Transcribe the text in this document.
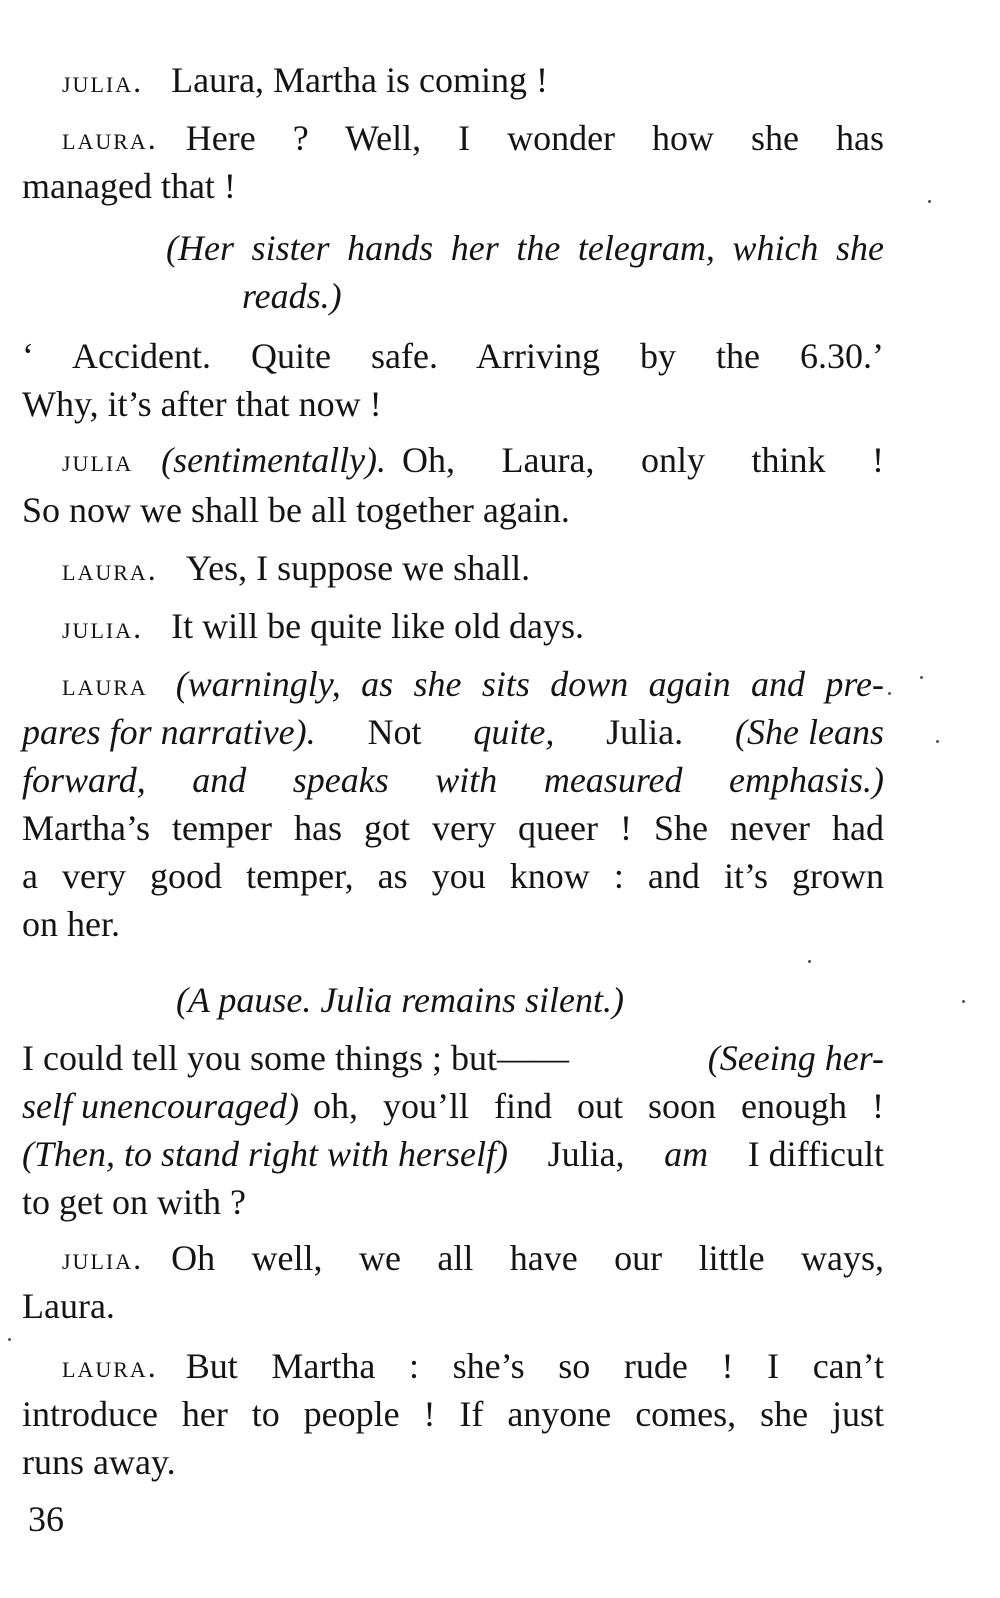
julia. Laura, Martha is coming !

laura. Here ? Well, I wonder how she has

managed that !

(Her sister hands her the telegram, which she

reads.)

‘ Accident. Quite safe. Arriving by the 6.30.’

Why, it’s after that now !

julia (sentimentally). Oh, Laura, only think !

So now we shall be all together again.

laura. Yes, I suppose we shall.

julia. It will be quite like old days.

laura (warningly, as she sits down again and pre-

pares for narrative). Not quite, Julia. (She leans

forward, and speaks with measured emphasis.)

Martha’s temper has got very queer ! She never had

a very good temper, as you know : and it’s grown

on her.

(A pause. Julia remains silent.)

I could tell you some things ; but——	(Seeing her-

self unencouraged) oh, you’ll find out soon enough !

(Then, to stand right with herself) Julia, am I difficult

to get on with ?

julia. Oh well, we all have our little ways,

Laura.

laura. But Martha : she’s so rude ! I can’t

introduce her to people ! If anyone comes, she just

runs away.

36
